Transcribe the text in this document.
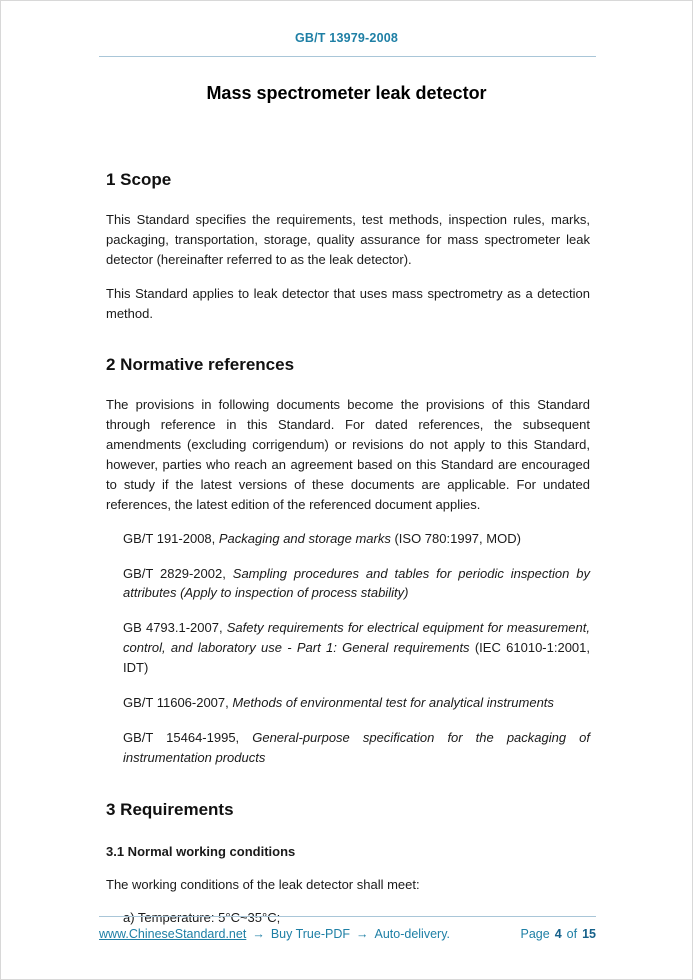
GB/T 13979-2008
Mass spectrometer leak detector
1 Scope

This Standard specifies the requirements, test methods, inspection rules, marks, packaging, transportation, storage, quality assurance for mass spectrometer leak detector (hereinafter referred to as the leak detector).

This Standard applies to leak detector that uses mass spectrometry as a detection method.

2 Normative references

The provisions in following documents become the provisions of this Standard through reference in this Standard. For dated references, the subsequent amendments (excluding corrigendum) or revisions do not apply to this Standard, however, parties who reach an agreement based on this Standard are encouraged to study if the latest versions of these documents are applicable. For undated references, the latest edition of the referenced document applies.

GB/T 191-2008, Packaging and storage marks (ISO 780:1997, MOD)

GB/T 2829-2002, Sampling procedures and tables for periodic inspection by attributes (Apply to inspection of process stability)

GB 4793.1-2007, Safety requirements for electrical equipment for measurement, control, and laboratory use - Part 1: General requirements (IEC 61010-1:2001, IDT)

GB/T 11606-2007, Methods of environmental test for analytical instruments

GB/T 15464-1995, General-purpose specification for the packaging of instrumentation products

3 Requirements
3.1 Normal working conditions

The working conditions of the leak detector shall meet:

a) Temperature: 5°C~35°C;

www.ChineseStandard.net → Buy True-PDF → Auto-delivery.	Page 4 of 15
